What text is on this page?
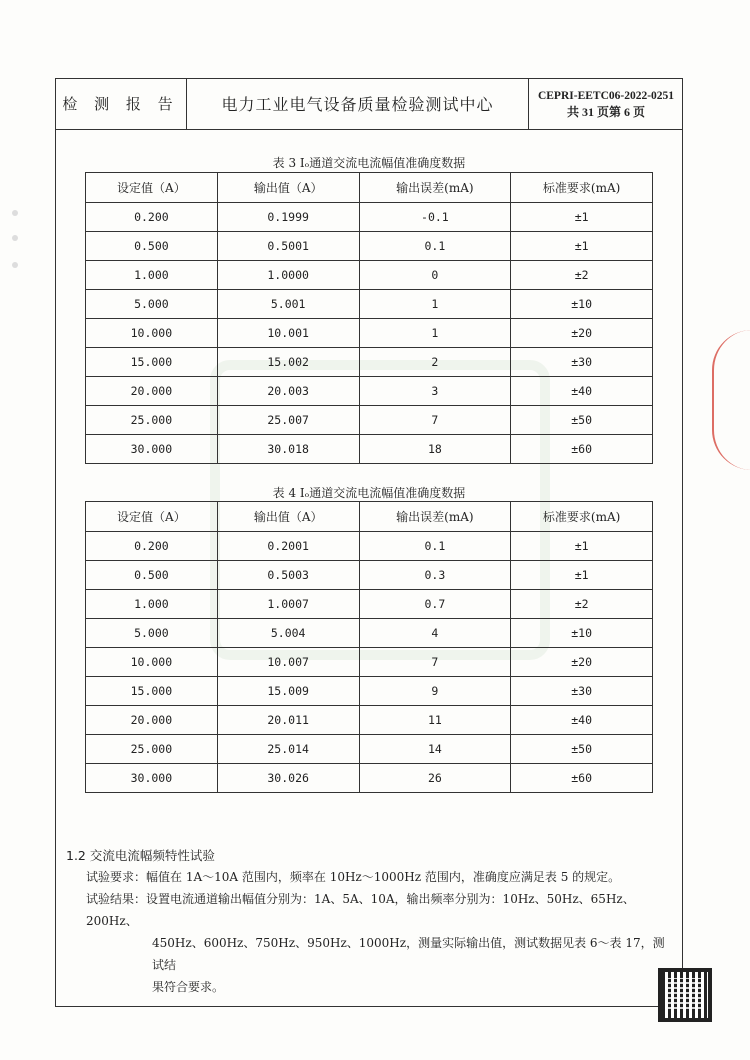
检 测 报 告	电力工业电气设备质量检验测试中心	CEPRI-EETC06-2022-0251
共 31 页第 6 页
表 3 Iₒ通道交流电流幅值准确度数据
设定值（A）	输出值（A）	输出误差(mA)	标准要求(mA)
0.200	0.1999	-0.1	±1
0.500	0.5001	0.1	±1
1.000	1.0000	0	±2
5.000	5.001	1	±10
10.000	10.001	1	±20
15.000	15.002	2	±30
20.000	20.003	3	±40
25.000	25.007	7	±50
30.000	30.018	18	±60
表 4 Iₒ通道交流电流幅值准确度数据
设定值（A）	输出值（A）	输出误差(mA)	标准要求(mA)
0.200	0.2001	0.1	±1
0.500	0.5003	0.3	±1
1.000	1.0007	0.7	±2
5.000	5.004	4	±10
10.000	10.007	7	±20
15.000	15.009	9	±30
20.000	20.011	11	±40
25.000	25.014	14	±50
30.000	30.026	26	±60
1.2 交流电流幅频特性试验
试验要求：幅值在 1A～10A 范围内，频率在 10Hz～1000Hz 范围内，准确度应满足表 5 的规定。
试验结果：设置电流通道输出幅值分别为：1A、5A、10A，输出频率分别为：10Hz、50Hz、65Hz、200Hz、
450Hz、600Hz、750Hz、950Hz、1000Hz，测量实际输出值，测试数据见表 6～表 17，测试结
果符合要求。
